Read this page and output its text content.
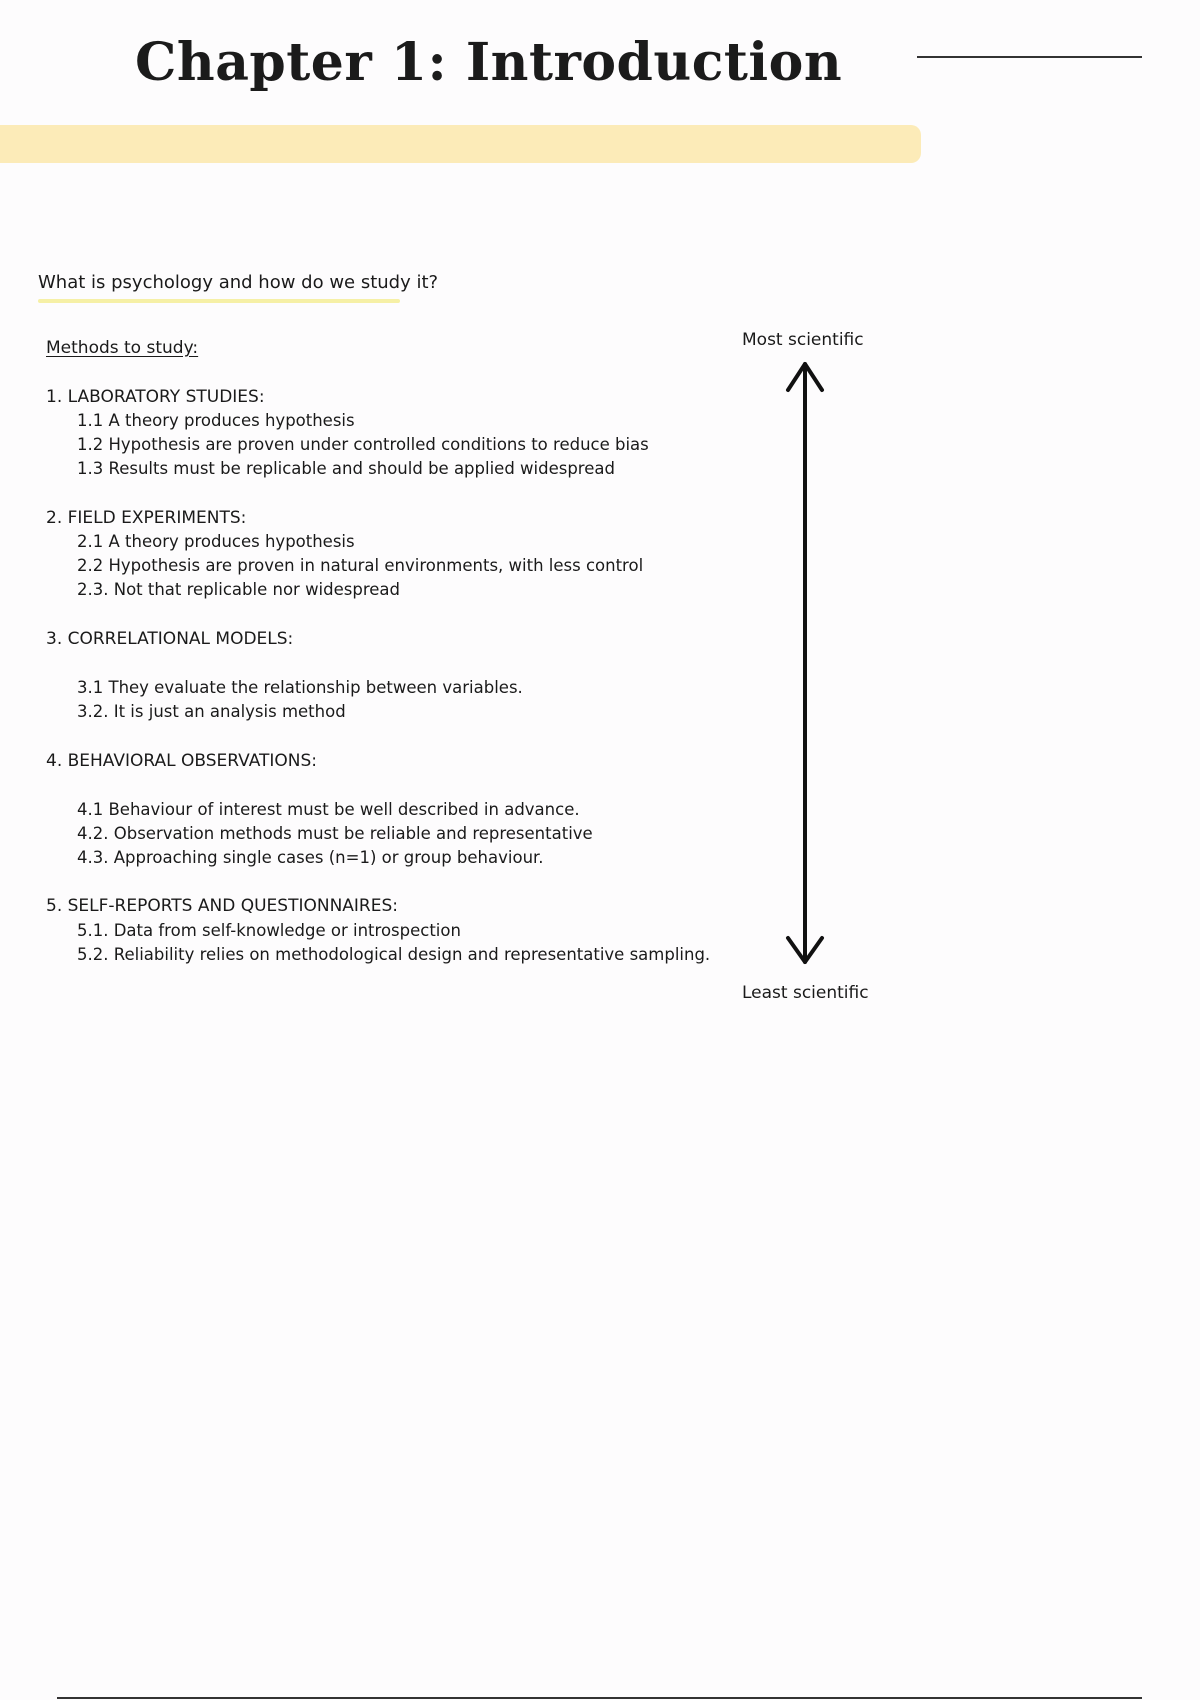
Chapter 1: Introduction
What is psychology and how do we study it?
Methods to study:
1. LABORATORY STUDIES:
1.1 A theory produces hypothesis
1.2 Hypothesis are proven under controlled conditions to reduce bias
1.3 Results must be replicable and should be applied widespread
2. FIELD EXPERIMENTS:
2.1 A theory produces hypothesis
2.2 Hypothesis are proven in natural environments, with less control
2.3. Not that replicable nor widespread
3. CORRELATIONAL MODELS:
3.1 They evaluate the relationship between variables.
3.2. It is just an analysis method
4. BEHAVIORAL OBSERVATIONS:
4.1 Behaviour of interest must be well described in advance.
4.2. Observation methods must be reliable and representative
4.3. Approaching single cases (n=1) or group behaviour.
5. SELF-REPORTS AND QUESTIONNAIRES:
5.1. Data from self-knowledge or introspection
5.2. Reliability relies on methodological design and representative sampling.
Most scientific
Least scientific
